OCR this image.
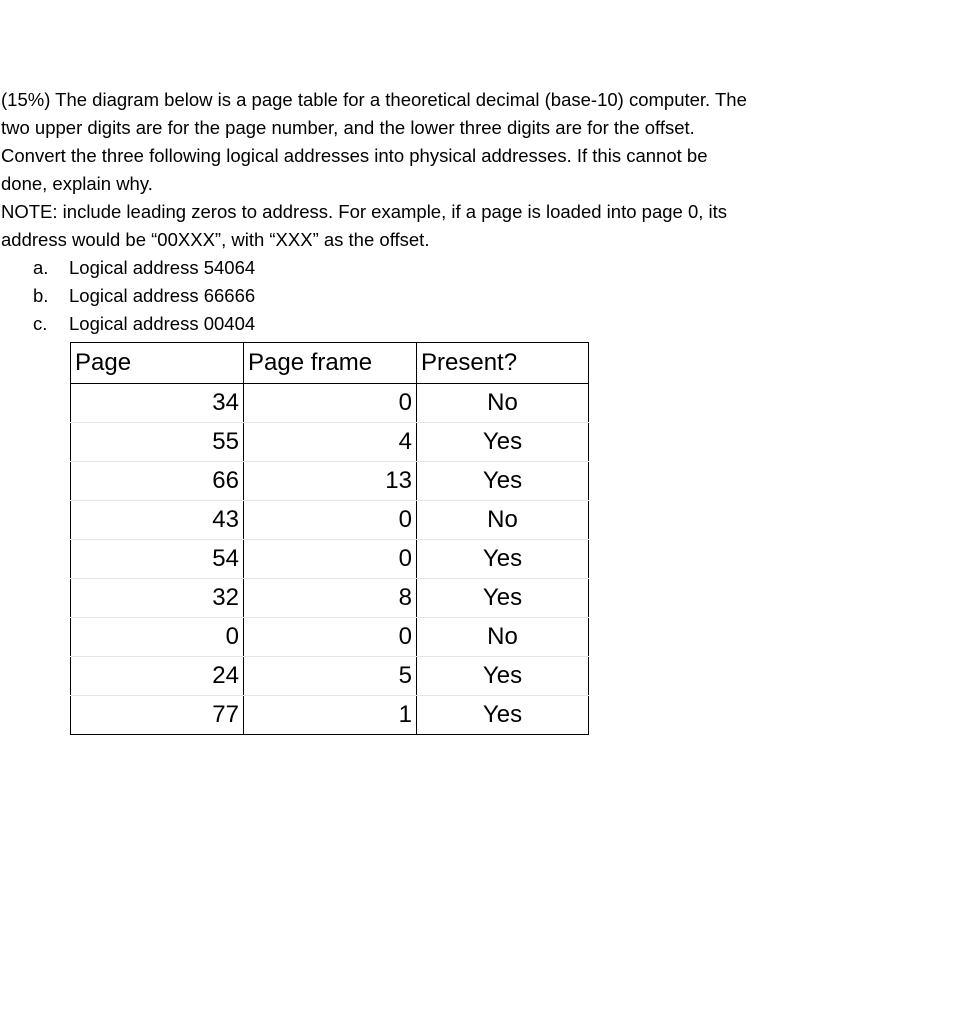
(15%) The diagram below is a page table for a theoretical decimal (base-10) computer. The
two upper digits are for the page number, and the lower three digits are for the offset.
Convert the three following logical addresses into physical addresses. If this cannot be
done, explain why.
NOTE: include leading zeros to address. For example, if a page is loaded into page 0, its
address would be “00XXX”, with “XXX” as the offset.

a. Logical address 54064
b. Logical address 66666
c. Logical address 00404
Page	Page frame	Present?
34	0	No
55	4	Yes
66	13	Yes
43	0	No
54	0	Yes
32	8	Yes
0	0	No
24	5	Yes
77	1	Yes
